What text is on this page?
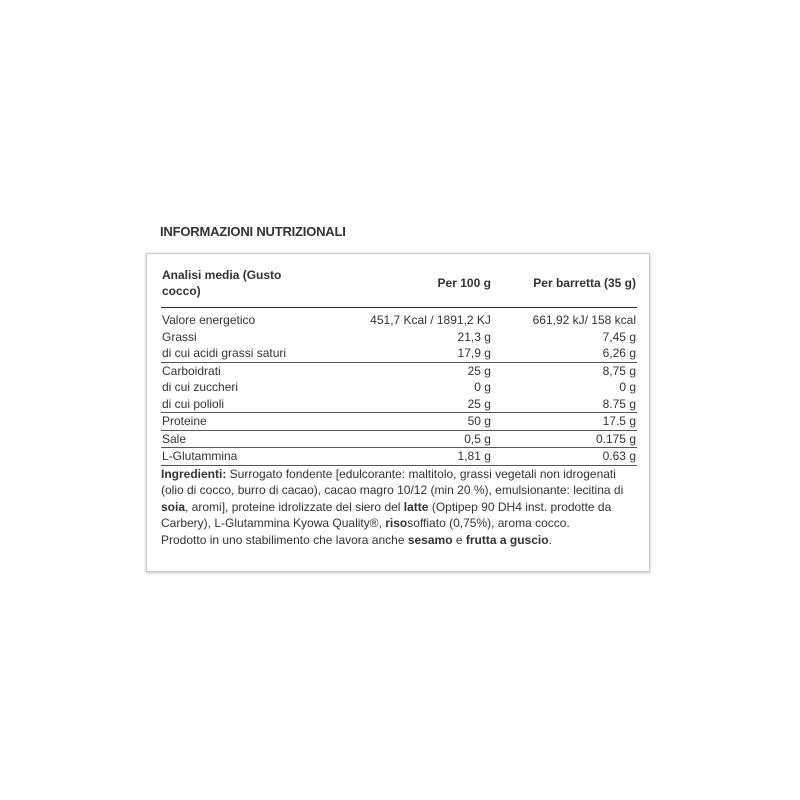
INFORMAZIONI NUTRIZIONALI
Analisi media (Gusto
cocco)	Per 100 g	Per barretta (35 g)
Valore energetico	451,7 Kcal / 1891,2 KJ	661,92 kJ/ 158 kcal
Grassi	21,3 g	7,45 g
di cui acidi grassi saturi	17,9 g	6,26 g
Carboidrati	25 g	8,75 g
di cui zuccheri	0 g	0 g
di cui polioli	25 g	8.75 g
Proteine	50 g	17.5 g
Sale	0,5 g	0.175 g
L-Glutammina	1,81 g	0.63 g

Ingredienti: Surrogato fondente [edulcorante: maltitolo, grassi vegetali non idrogenati (olio di cocco, burro di cacao), cacao magro 10/12 (min 20 %), emulsionante: lecitina di soia, aromi], proteine idrolizzate del siero del latte (Optipep 90 DH4 inst. prodotte da Carbery), L-Glutammina Kyowa Quality®, risosoffiato (0,75%), aroma cocco.

Prodotto in uno stabilimento che lavora anche sesamo e frutta a guscio.
